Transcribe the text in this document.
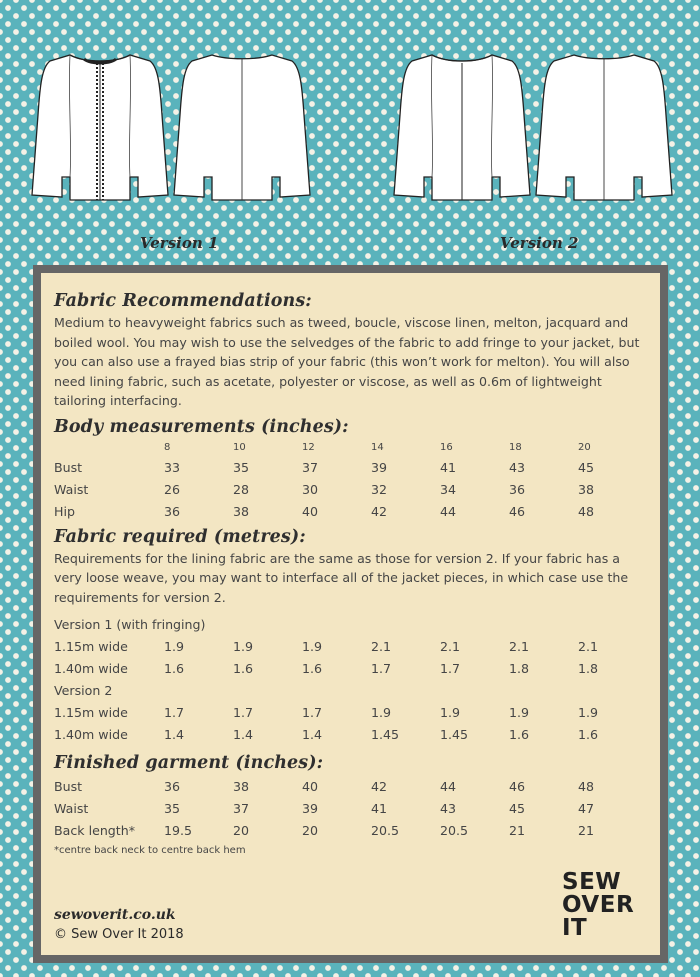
Version 1	Version 2
Fabric Recommendations:

Medium to heavyweight fabrics such as tweed, boucle, viscose linen, melton, jacquard and boiled wool. You may wish to use the selvedges of the fabric to add fringe to your jacket, but you can also use a frayed bias strip of your fabric (this won’t work for melton). You will also need lining fabric, such as acetate, polyester or viscose, as well as 0.6m of lightweight tailoring interfacing.

Body measurements (inches):
	8	10	12	14	16	18	20
Bust	33	35	37	39	41	43	45
Waist	26	28	30	32	34	36	38
Hip	36	38	40	42	44	46	48
Fabric required (metres):

Requirements for the lining fabric are the same as those for version 2. If your fabric has a very loose weave, you may want to interface all of the jacket pieces, in which case use the requirements for version 2.

Version 1 (with fringing)							
1.15m wide	1.9	1.9	1.9	2.1	2.1	2.1	2.1
1.40m wide	1.6	1.6	1.6	1.7	1.7	1.8	1.8
Version 2							
1.15m wide	1.7	1.7	1.7	1.9	1.9	1.9	1.9
1.40m wide	1.4	1.4	1.4	1.45	1.45	1.6	1.6
Finished garment (inches):
Bust	36	38	40	42	44	46	48
Waist	35	37	39	41	43	45	47
Back length*	19.5	20	20	20.5	20.5	21	21
*centre back neck to centre back hem
sewoverit.co.uk
© Sew Over It 2018
SEW
OVER
IT
